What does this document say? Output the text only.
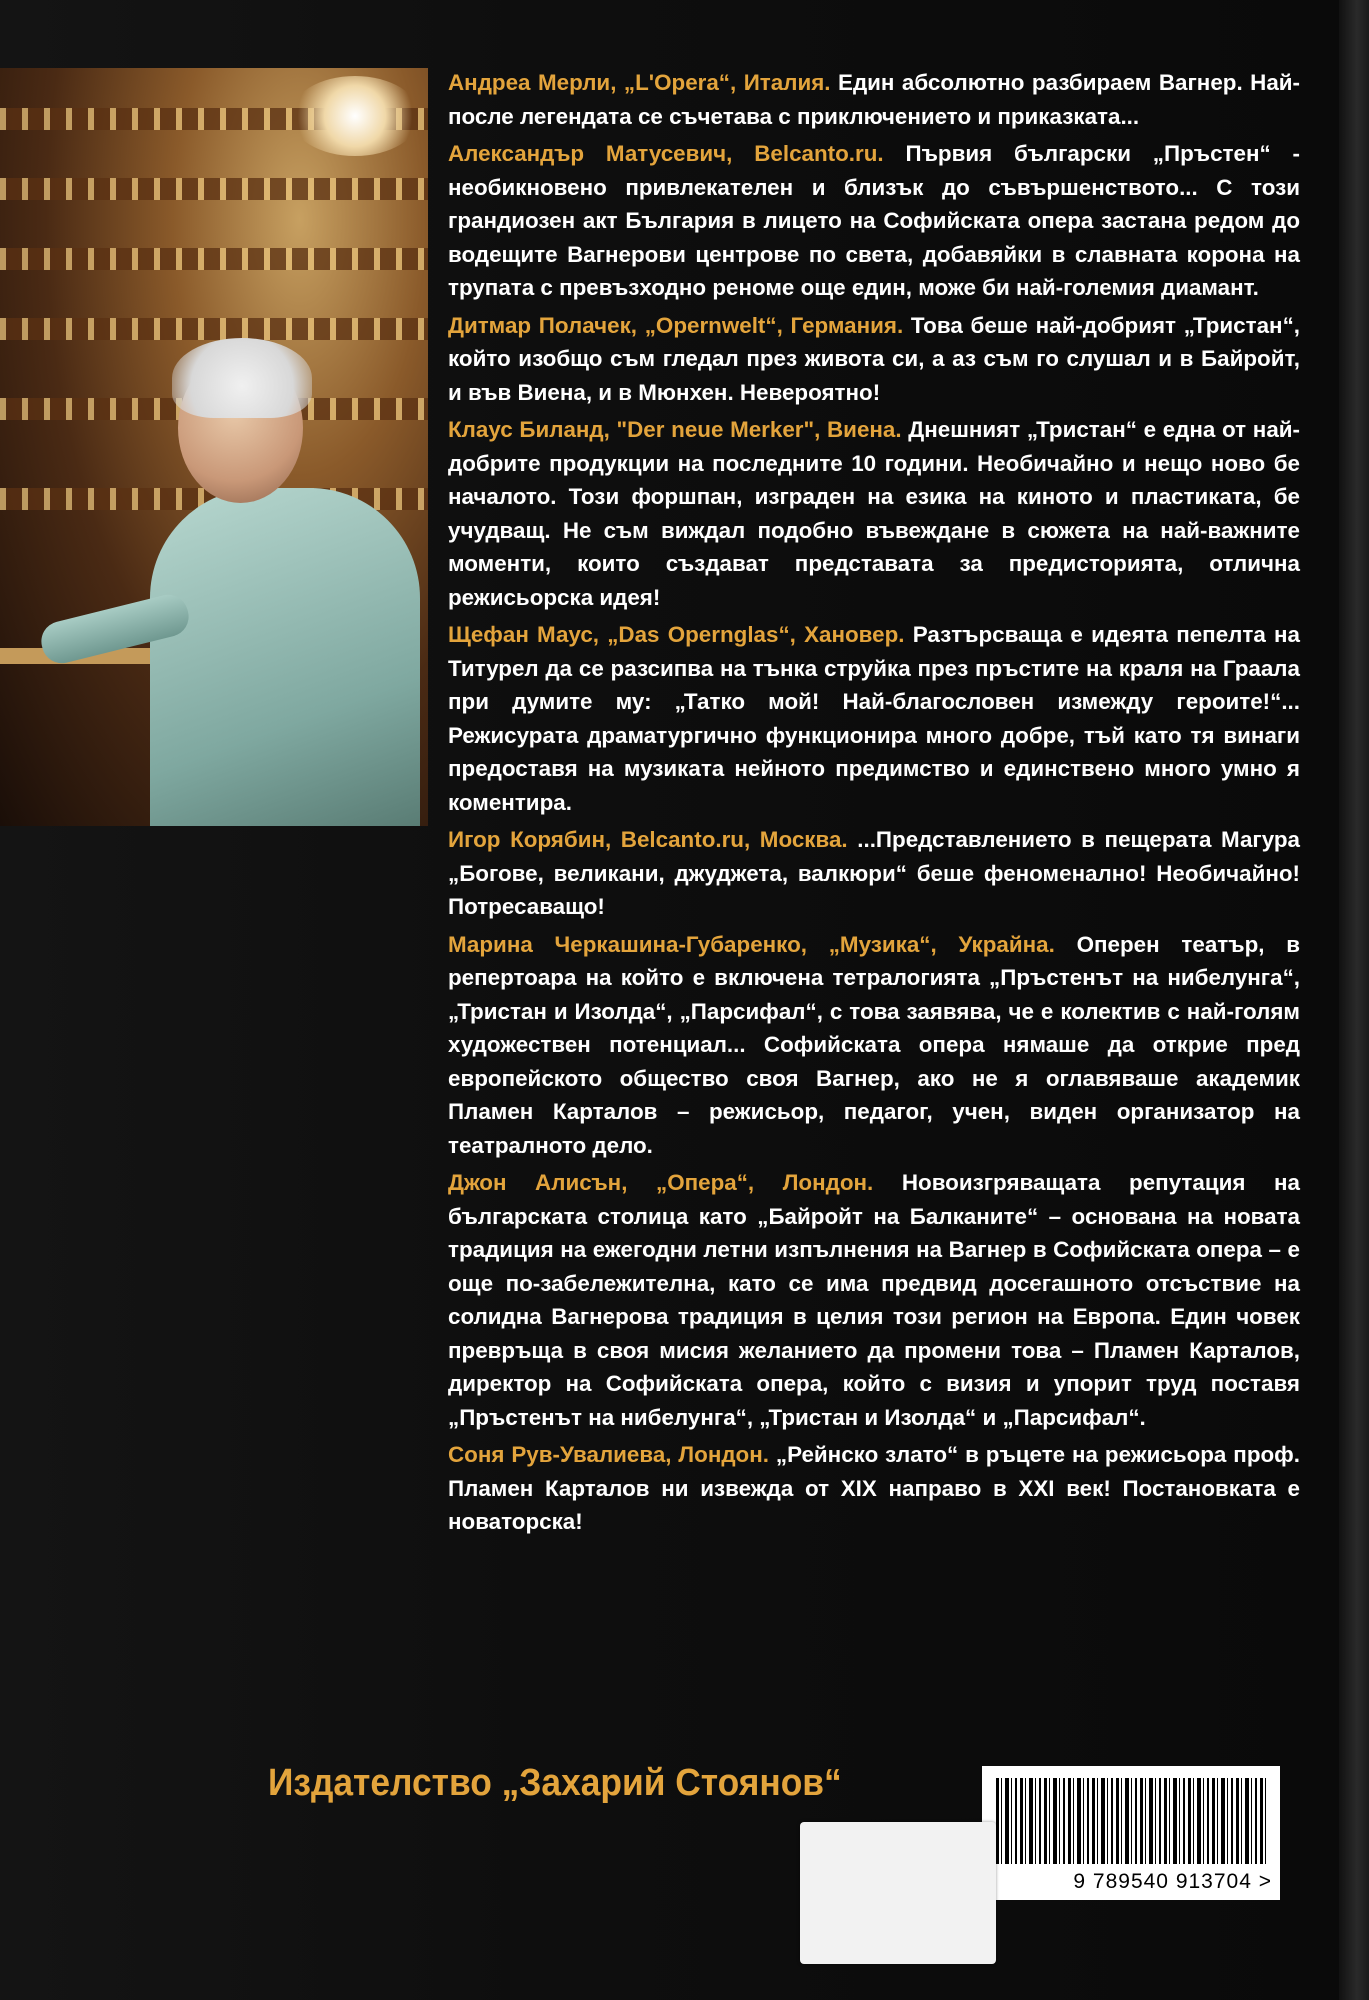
Андреа Мерли, „L'Opera“, Италия. Един абсолютно разбираем Вагнер. Най-после легендата се съчетава с приключението и приказката...

Александър Матусевич, Belcanto.ru. Първия български „Пръстен“ - необикновено привлекателен и близък до съвършенството... С този грандиозен акт България в лицето на Софийската опера застана редом до водещите Вагнерови центрове по света, добавяйки в славната корона на трупата с превъзходно реноме още един, може би най-големия диамант.

Дитмар Полачек, „Opernwelt“, Германия. Това беше най-добрият „Тристан“, който изобщо съм гледал през живота си, а аз съм го слушал и в Байройт, и във Виена, и в Мюнхен. Невероятно!

Клаус Биланд, "Der neue Merker", Виена. Днешният „Тристан“ е една от най-добрите продукции на последните 10 години. Необичайно и нещо ново бе началото. Този форшпан, изграден на езика на киното и пластиката, бе учудващ. Не съм виждал подобно въвеждане в сюжета на най-важните моменти, които създават представата за предисторията, отлична режисьорска идея!

Щефан Маус, „Das Opernglas“, Хановер. Разтърсваща е идеята пепелта на Титурел да се разсипва на тънка струйка през пръстите на краля на Граала при думите му: „Татко мой! Най-благословен измежду героите!“... Режисурата драматургично функционира много добре, тъй като тя винаги предоставя на музиката нейното предимство и единствено много умно я коментира.

Игор Корябин, Belcanto.ru, Москва. ...Представлението в пещерата Магура „Богове, великани, джуджета, валкюри“ беше феноменално! Необичайно! Потресаващо!

Марина Черкашина-Губаренко, „Музика“, Украйна. Оперен театър, в репертоара на който е включена тетралогията „Пръстенът на нибелунга“, „Тристан и Изолда“, „Парсифал“, с това заявява, че е колектив с най-голям художествен потенциал... Софийската опера нямаше да открие пред европейското общество своя Вагнер, ако не я оглавяваше академик Пламен Карталов – режисьор, педагог, учен, виден организатор на театралното дело.

Джон Алисън, „Опера“, Лондон. Новоизгряващата репутация на българската столица като „Байройт на Балканите“ – основана на новата традиция на ежегодни летни изпълнения на Вагнер в Софийската опера – е още по-забележителна, като се има предвид досегашното отсъствие на солидна Вагнерова традиция в целия този регион на Европа. Един човек превръща в своя мисия желанието да промени това – Пламен Карталов, директор на Софийската опера, който с визия и упорит труд поставя „Пръстенът на нибелунга“, „Тристан и Изолда“ и „Парсифал“.

Соня Рув-Увалиева, Лондон. „Рейнско злато“ в ръцете на режисьора проф. Пламен Карталов ни извежда от XIX направо в XXI век! Постановката е новаторска!

Издателство „Захарий Стоянов“
9 789540 913704 >
